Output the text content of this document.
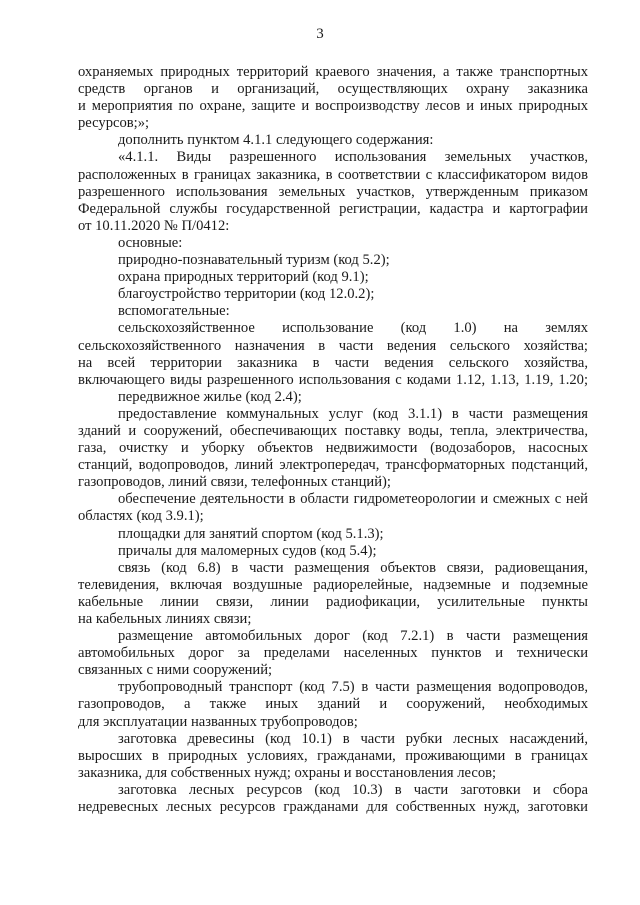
3
охраняемых природных территорий краевого значения, а также транспортных
средств органов и организаций, осуществляющих охрану заказника
и мероприятия по охране, защите и воспроизводству лесов и иных природных
ресурсов;»;
дополнить пунктом 4.1.1 следующего содержания:
«4.1.1. Виды разрешенного использования земельных участков,
расположенных в границах заказника, в соответствии с классификатором видов
разрешенного использования земельных участков, утвержденным приказом
Федеральной службы государственной регистрации, кадастра и картографии
от 10.11.2020 № П/0412:
основные:
природно-познавательный туризм (код 5.2);
охрана природных территорий (код 9.1);
благоустройство территории (код 12.0.2);
вспомогательные:
сельскохозяйственное использование (код 1.0) на землях
сельскохозяйственного назначения в части ведения сельского хозяйства;
на всей территории заказника в части ведения сельского хозяйства,
включающего виды разрешенного использования с кодами 1.12, 1.13, 1.19, 1.20;
передвижное жилье (код 2.4);
предоставление коммунальных услуг (код 3.1.1) в части размещения
зданий и сооружений, обеспечивающих поставку воды, тепла, электричества,
газа, очистку и уборку объектов недвижимости (водозаборов, насосных
станций, водопроводов, линий электропередач, трансформаторных подстанций,
газопроводов, линий связи, телефонных станций);
обеспечение деятельности в области гидрометеорологии и смежных с ней
областях (код 3.9.1);
площадки для занятий спортом (код 5.1.3);
причалы для маломерных судов (код 5.4);
связь (код 6.8) в части размещения объектов связи, радиовещания,
телевидения, включая воздушные радиорелейные, надземные и подземные
кабельные линии связи, линии радиофикации, усилительные пункты
на кабельных линиях связи;
размещение автомобильных дорог (код 7.2.1) в части размещения
автомобильных дорог за пределами населенных пунктов и технически
связанных с ними сооружений;
трубопроводный транспорт (код 7.5) в части размещения водопроводов,
газопроводов, а также иных зданий и сооружений, необходимых
для эксплуатации названных трубопроводов;
заготовка древесины (код 10.1) в части рубки лесных насаждений,
выросших в природных условиях, гражданами, проживающими в границах
заказника, для собственных нужд; охраны и восстановления лесов;
заготовка лесных ресурсов (код 10.3) в части заготовки и сбора
недревесных лесных ресурсов гражданами для собственных нужд, заготовки
